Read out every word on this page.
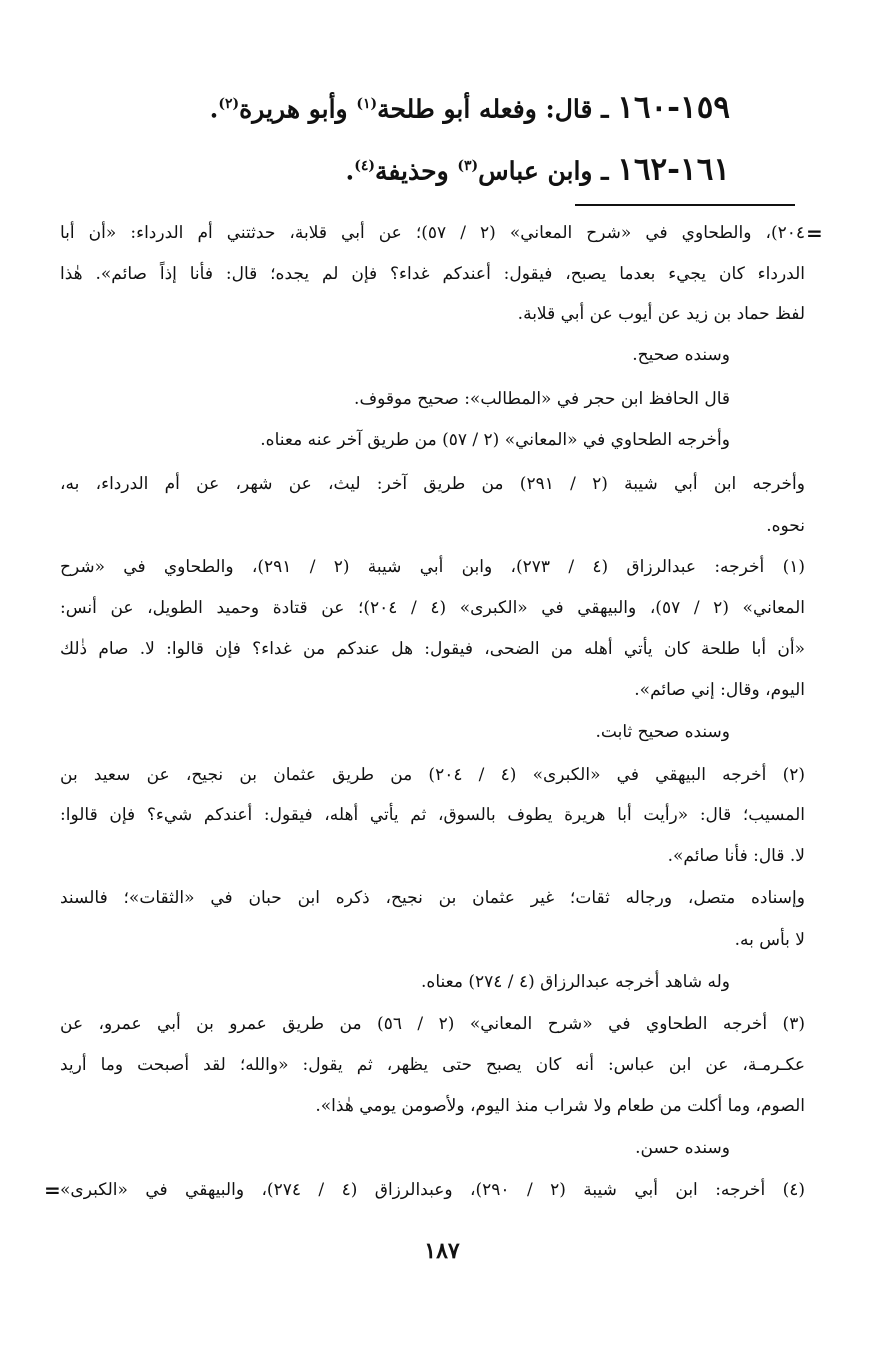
١٥٩-١٦٠ ـ قال: وفعله أبو طلحة$^{(١)}$ وأبو هريرة$^{(٢)}$.
١٦١-١٦٢ ـ وابن عباس$^{(٣)}$ وحذيفة$^{(٤)}$.
=
٢٠٤)، والطحاوي في «شرح المعاني» (٢ / ٥٧)؛ عن أبي قلابة، حدثتني أم الدرداء: «أن أبا
الدرداء كان يجيء بعدما يصبح، فيقول: أعندكم غداء؟ فإن لم يجده؛ قال: فأنا إذاً صائم». هٰذا
لفظ حماد بن زيد عن أيوب عن أبي قلابة.
وسنده صحيح.
قال الحافظ ابن حجر في «المطالب»: صحيح موقوف.
وأخرجه الطحاوي في «المعاني» (٢ / ٥٧) من طريق آخر عنه معناه.
وأخرجه ابن أبي شيبة (٢ / ٢٩١) من طريق آخر: ليث، عن شهر، عن أم الدرداء، به،
نحوه.
(١) أخرجه: عبدالرزاق (٤ / ٢٧٣)، وابن أبي شيبة (٢ / ٢٩١)، والطحاوي في «شرح
المعاني» (٢ / ٥٧)، والبيهقي في «الكبرى» (٤ / ٢٠٤)؛ عن قتادة وحميد الطويل، عن أنس:
«أن أبا طلحة كان يأتي أهله من الضحى، فيقول: هل عندكم من غداء؟ فإن قالوا: لا. صام ذٰلك
اليوم، وقال: إني صائم».
وسنده صحيح ثابت.
(٢) أخرجه البيهقي في «الكبرى» (٤ / ٢٠٤) من طريق عثمان بن نجيح، عن سعيد بن
المسيب؛ قال: «رأيت أبا هريرة يطوف بالسوق، ثم يأتي أهله، فيقول: أعندكم شيء؟ فإن قالوا:
لا. قال: فأنا صائم».
وإسناده متصل، ورجاله ثقات؛ غير عثمان بن نجيح، ذكره ابن حبان في «الثقات»؛ فالسند
لا بأس به.
وله شاهد أخرجه عبدالرزاق (٤ / ٢٧٤) معناه.
(٣) أخرجه الطحاوي في «شرح المعاني» (٢ / ٥٦) من طريق عمرو بن أبي عمرو، عن
عكـرمـة، عن ابن عباس: أنه كان يصبح حتى يظهر، ثم يقول: «والله؛ لقد أصبحت وما أريد
الصوم، وما أكلت من طعام ولا شراب منذ اليوم، ولأصومن يومي هٰذا».
وسنده حسن.
(٤) أخرجه: ابن أبي شيبة (٢ / ٢٩٠)، وعبدالرزاق (٤ / ٢٧٤)، والبيهقي في «الكبرى»
=
١٨٧
